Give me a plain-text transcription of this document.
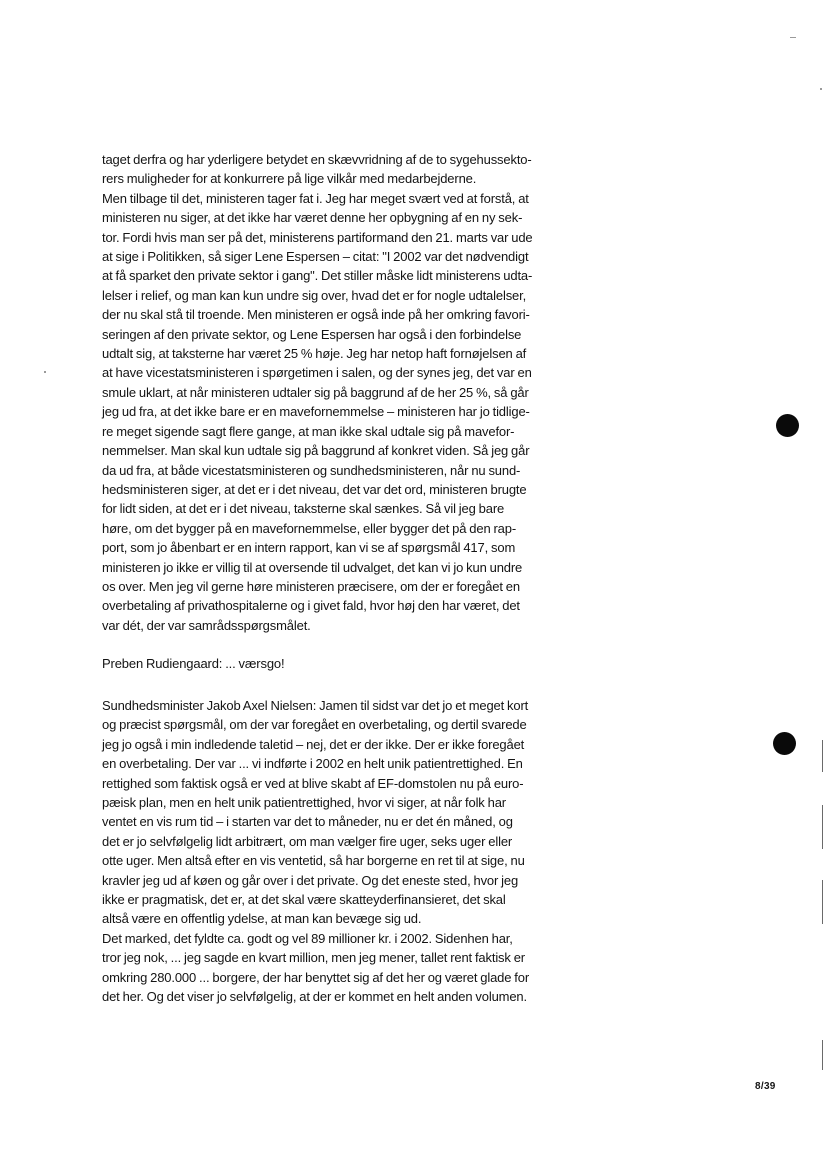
taget derfra og har yderligere betydet en skævvridning af de to sygehussekto-
rers muligheder for at konkurrere på lige vilkår med medarbejderne.
Men tilbage til det, ministeren tager fat i. Jeg har meget svært ved at forstå, at
ministeren nu siger, at det ikke har været denne her opbygning af en ny sek-
tor. Fordi hvis man ser på det, ministerens partiformand den 21. marts var ude
at sige i Politikken, så siger Lene Espersen – citat: "I 2002 var det nødvendigt
at få sparket den private sektor i gang". Det stiller måske lidt ministerens udta-
lelser i relief, og man kan kun undre sig over, hvad det er for nogle udtalelser,
der nu skal stå til troende. Men ministeren er også inde på her omkring favori-
seringen af den private sektor, og Lene Espersen har også i den forbindelse
udtalt sig, at taksterne har været 25 % høje. Jeg har netop haft fornøjelsen af
at have vicestatsministeren i spørgetimen i salen, og der synes jeg, det var en
smule uklart, at når ministeren udtaler sig på baggrund af de her 25 %, så går
jeg ud fra, at det ikke bare er en mavefornemmelse – ministeren har jo tidlige-
re meget sigende sagt flere gange, at man ikke skal udtale sig på mavefor-
nemmelser. Man skal kun udtale sig på baggrund af konkret viden. Så jeg går
da ud fra, at både vicestatsministeren og sundhedsministeren, når nu sund-
hedsministeren siger, at det er i det niveau, det var det ord, ministeren brugte
for lidt siden, at det er i det niveau, taksterne skal sænkes. Så vil jeg bare
høre, om det bygger på en mavefornemmelse, eller bygger det på den rap-
port, som jo åbenbart er en intern rapport, kan vi se af spørgsmål 417, som
ministeren jo ikke er villig til at oversende til udvalget, det kan vi jo kun undre
os over. Men jeg vil gerne høre ministeren præcisere, om der er foregået en
overbetaling af privathospitalerne og i givet fald, hvor høj den har været, det
var dét, der var samrådsspørgsmålet.

Preben Rudiengaard: ... værsgo!

Sundhedsminister Jakob Axel Nielsen: Jamen til sidst var det jo et meget kort
og præcist spørgsmål, om der var foregået en overbetaling, og dertil svarede
jeg jo også i min indledende taletid – nej, det er der ikke. Der er ikke foregået
en overbetaling. Der var ... vi indførte i 2002 en helt unik patientrettighed. En
rettighed som faktisk også er ved at blive skabt af EF-domstolen nu på euro-
pæisk plan, men en helt unik patientrettighed, hvor vi siger, at når folk har
ventet en vis rum tid – i starten var det to måneder, nu er det én måned, og
det er jo selvfølgelig lidt arbitrært, om man vælger fire uger, seks uger eller
otte uger. Men altså efter en vis ventetid, så har borgerne en ret til at sige, nu
kravler jeg ud af køen og går over i det private. Og det eneste sted, hvor jeg
ikke er pragmatisk, det er, at det skal være skatteyderfinansieret, det skal
altså være en offentlig ydelse, at man kan bevæge sig ud.
Det marked, det fyldte ca. godt og vel 89 millioner kr. i 2002. Sidenhen har,
tror jeg nok, ... jeg sagde en kvart million, men jeg mener, tallet rent faktisk er
omkring 280.000 ... borgere, der har benyttet sig af det her og været glade for
det her. Og det viser jo selvfølgelig, at der er kommet en helt anden volumen.

8/39
